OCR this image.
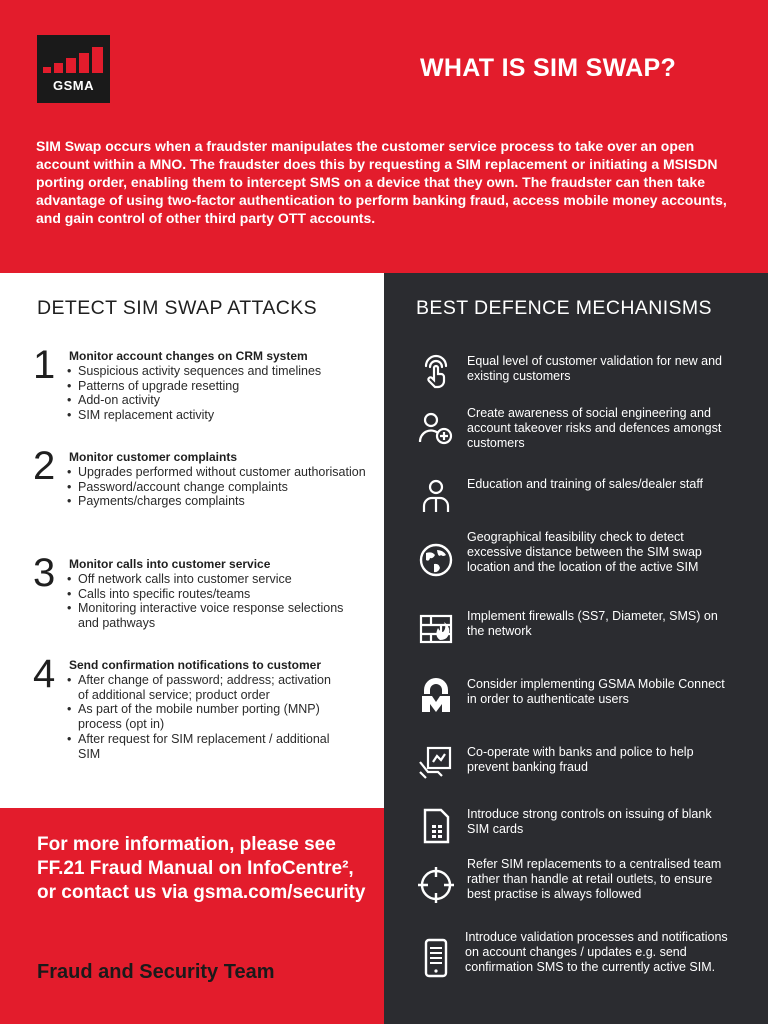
GSMA
WHAT IS SIM SWAP?
SIM Swap occurs when a fraudster manipulates the customer service process to take over an open account within a MNO. The fraudster does this by requesting a SIM replacement or initiating a MSISDN porting order, enabling them to intercept SMS on a device that they own. The fraudster can then take advantage of using two-factor authentication to perform banking fraud, access mobile money accounts, and gain control of other third party OTT accounts.
DETECT SIM SWAP ATTACKS
1 Monitor account changes on CRM system
• Suspicious activity sequences and timelines
• Patterns of upgrade resetting
• Add-on activity
• SIM replacement activity
2 Monitor customer complaints
• Upgrades performed without customer authorisation
• Password/account change complaints
• Payments/charges complaints
3 Monitor calls into customer service
• Off network calls into customer service
• Calls into specific routes/teams
• Monitoring interactive voice response selections and pathways
4 Send confirmation notifications to customer
• After change of password; address; activation of additional service; product order
• As part of the mobile number porting (MNP) process (opt in)
• After request for SIM replacement / additional SIM
For more information, please see FF.21 Fraud Manual on InfoCentre², or contact us via gsma.com/security
Fraud and Security Team
BEST DEFENCE MECHANISMS
Equal level of customer validation for new and existing customers
Create awareness of social engineering and account takeover risks and defences amongst customers
Education and training of sales/dealer staff
Geographical feasibility check to detect excessive distance between the SIM swap location and the location of the active SIM
Implement firewalls (SS7, Diameter, SMS) on the network
Consider implementing GSMA Mobile Connect in order to authenticate users
Co-operate with banks and police to help prevent banking fraud
Introduce strong controls on issuing of blank SIM cards
Refer SIM replacements to a centralised team rather than handle at retail outlets, to ensure best practise is always followed
Introduce validation processes and notifications on account changes / updates e.g. send confirmation SMS to the currently active SIM.
